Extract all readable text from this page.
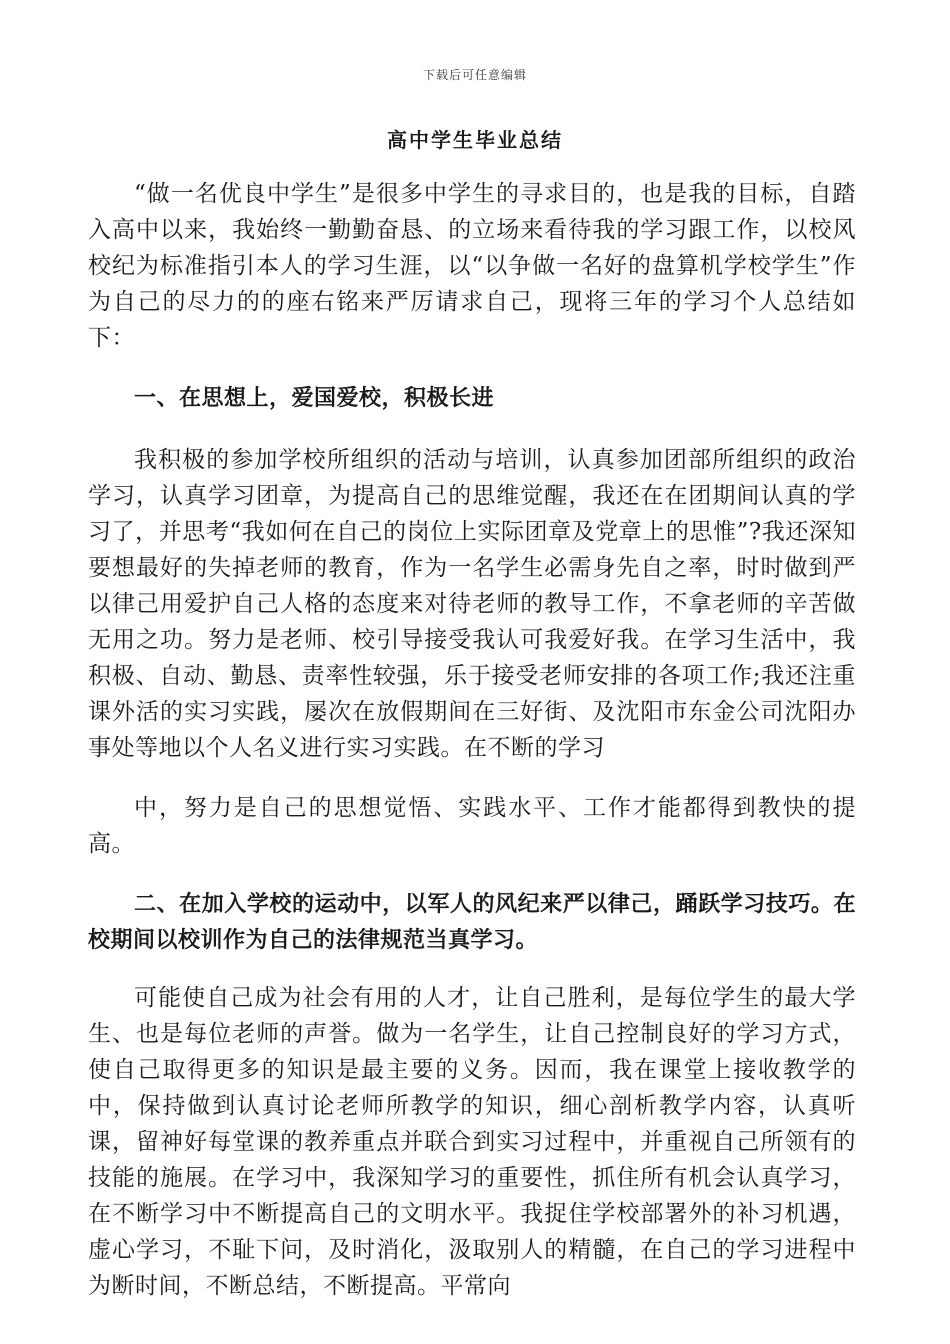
下载后可任意编辑
高中学生毕业总结

“做一名优良中学生”是很多中学生的寻求目的，也是我的目标，自踏入高中以来，我始终一勤勤奋恳、的立场来看待我的学习跟工作，以校风校纪为标准指引本人的学习生涯，以“以争做一名好的盘算机学校学生”作为自己的尽力的的座右铭来严厉请求自己，现将三年的学习个人总结如下：

一、在思想上，爱国爱校，积极长进

我积极的参加学校所组织的活动与培训，认真参加团部所组织的政治学习，认真学习团章，为提高自己的思维觉醒，我还在在团期间认真的学习了，并思考“我如何在自己的岗位上实际团章及党章上的思惟”?我还深知要想最好的失掉老师的教育，作为一名学生必需身先自之率，时时做到严以律己用爱护自己人格的态度来对待老师的教导工作，不拿老师的辛苦做无用之功。努力是老师、校引导接受我认可我爱好我。在学习生活中，我积极、自动、勤恳、责率性较强，乐于接受老师安排的各项工作;我还注重课外活的实习实践，屡次在放假期间在三好街、及沈阳市东金公司沈阳办事处等地以个人名义进行实习实践。在不断的学习

中，努力是自己的思想觉悟、实践水平、工作才能都得到教快的提高。

二、在加入学校的运动中，以军人的风纪来严以律己，踊跃学习技巧。在校期间以校训作为自己的法律规范当真学习。

可能使自己成为社会有用的人才，让自己胜利，是每位学生的最大学生、也是每位老师的声誉。做为一名学生，让自己控制良好的学习方式，使自己取得更多的知识是最主要的义务。因而，我在课堂上接收教学的中，保持做到认真讨论老师所教学的知识，细心剖析教学内容，认真听课，留神好每堂课的教养重点并联合到实习过程中，并重视自己所领有的技能的施展。在学习中，我深知学习的重要性，抓住所有机会认真学习，在不断学习中不断提高自己的文明水平。我捉住学校部署外的补习机遇，虚心学习，不耻下问，及时消化，汲取别人的精髓，在自己的学习进程中为断时间，不断总结，不断提高。平常向
